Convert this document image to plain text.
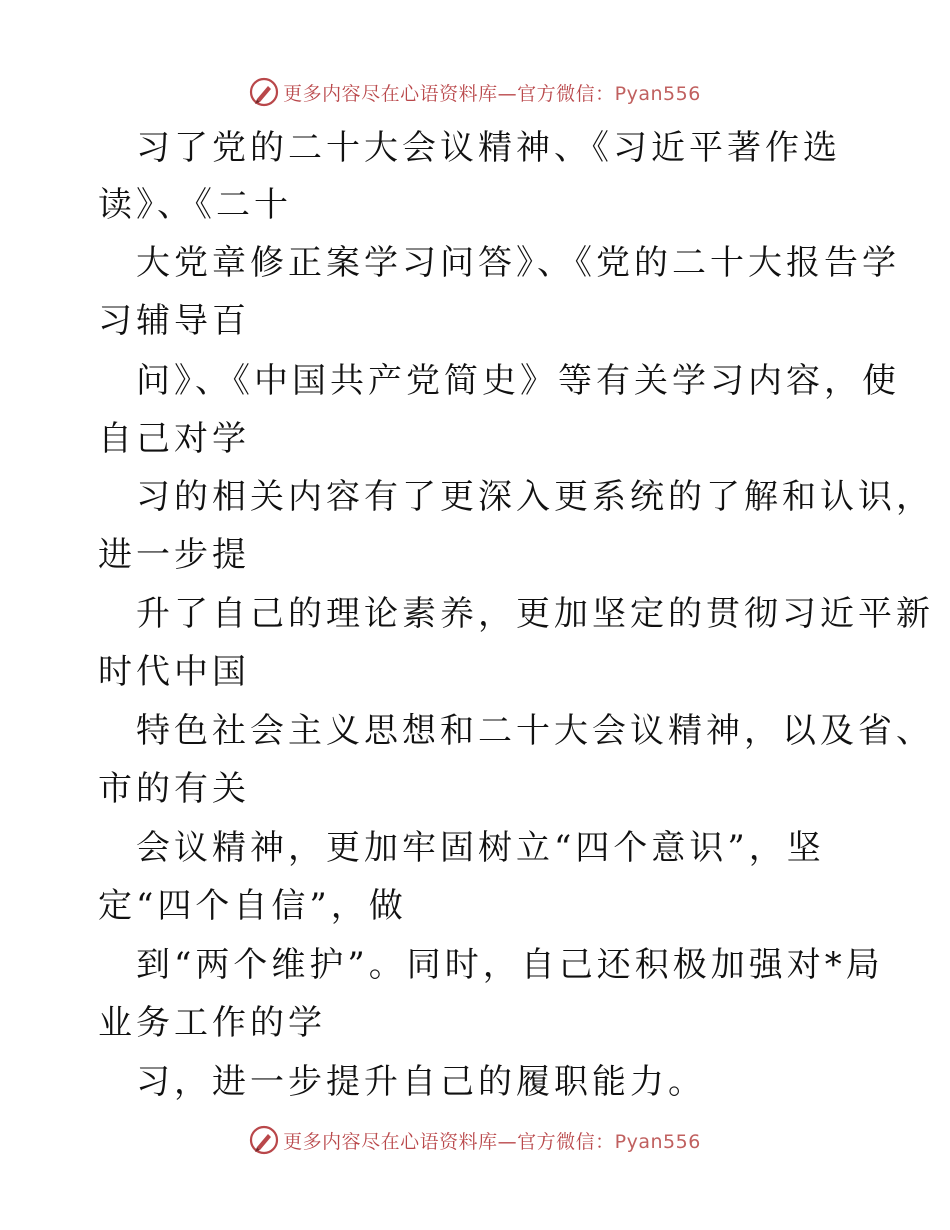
更多内容尽在心语资料库—官方微信：Pyan556
习了党的二十大会议精神、《习近平著作选
读》、《二十
大党章修正案学习问答》、《党的二十大报告学
习辅导百
问》、《中国共产党简史》等有关学习内容，使
自己对学
习的相关内容有了更深入更系统的了解和认识，
进一步提
升了自己的理论素养，更加坚定的贯彻习近平新
时代中国
特色社会主义思想和二十大会议精神，以及省、
市的有关
会议精神，更加牢固树立“四个意识”，坚
定“四个自信”，做
到“两个维护”。同时，自己还积极加强对*局
业务工作的学
习，进一步提升自己的履职能力。
更多内容尽在心语资料库—官方微信：Pyan556
